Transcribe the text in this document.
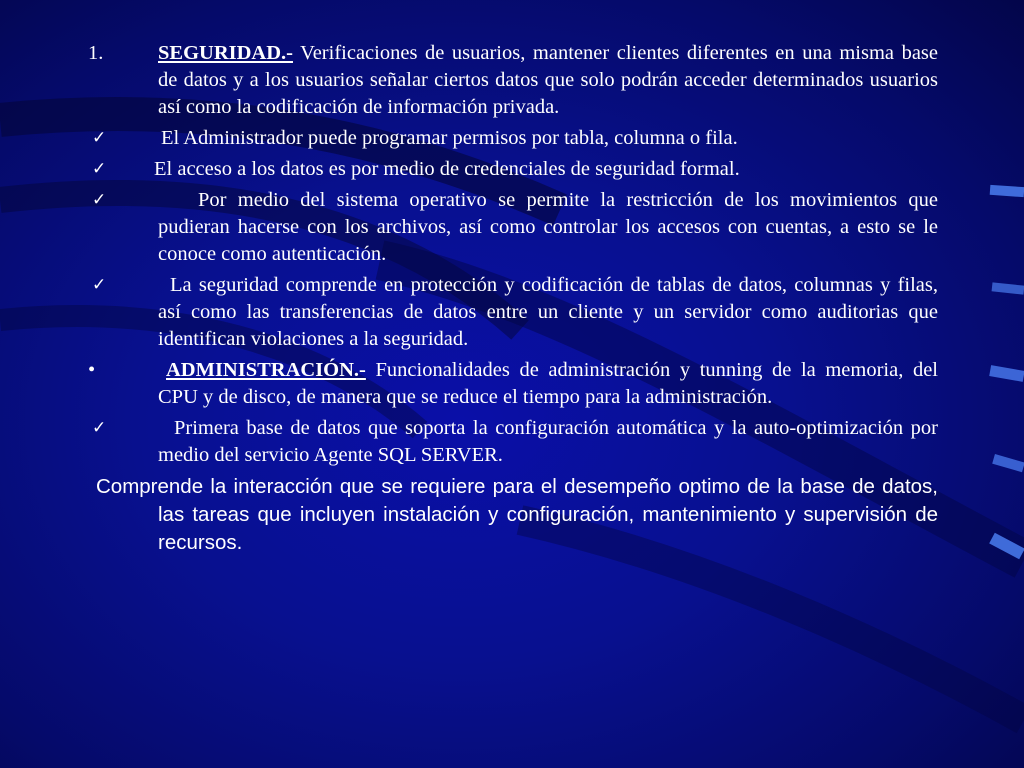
1.	SEGURIDAD.- Verificaciones de usuarios, mantener clientes diferentes en una misma base de datos y a los usuarios señalar ciertos datos que solo podrán acceder determinados usuarios así como la codificación de información privada.
✓	El Administrador puede programar permisos por tabla, columna o fila.
✓ El acceso a los datos es por medio de credenciales de seguridad formal.
✓	Por medio del sistema operativo se permite la restricción de los movimientos que pudieran hacerse con los archivos, así como controlar los accesos con cuentas, a esto se le conoce como autenticación.
✓	La seguridad comprende en protección y codificación de tablas de datos, columnas y filas, así como las transferencias de datos entre un cliente y un servidor como auditorias que identifican violaciones a la seguridad.
•	ADMINISTRACIÓN.- Funcionalidades de administración y tunning de la memoria, del CPU y de disco, de manera que se reduce el tiempo para la administración.
✓	Primera base de datos que soporta la configuración automática y la auto-optimización por medio del servicio Agente SQL SERVER.
Comprende la interacción que se requiere para el desempeño optimo de la base de datos, las tareas que incluyen instalación y configuración, mantenimiento y supervisión de recursos.
